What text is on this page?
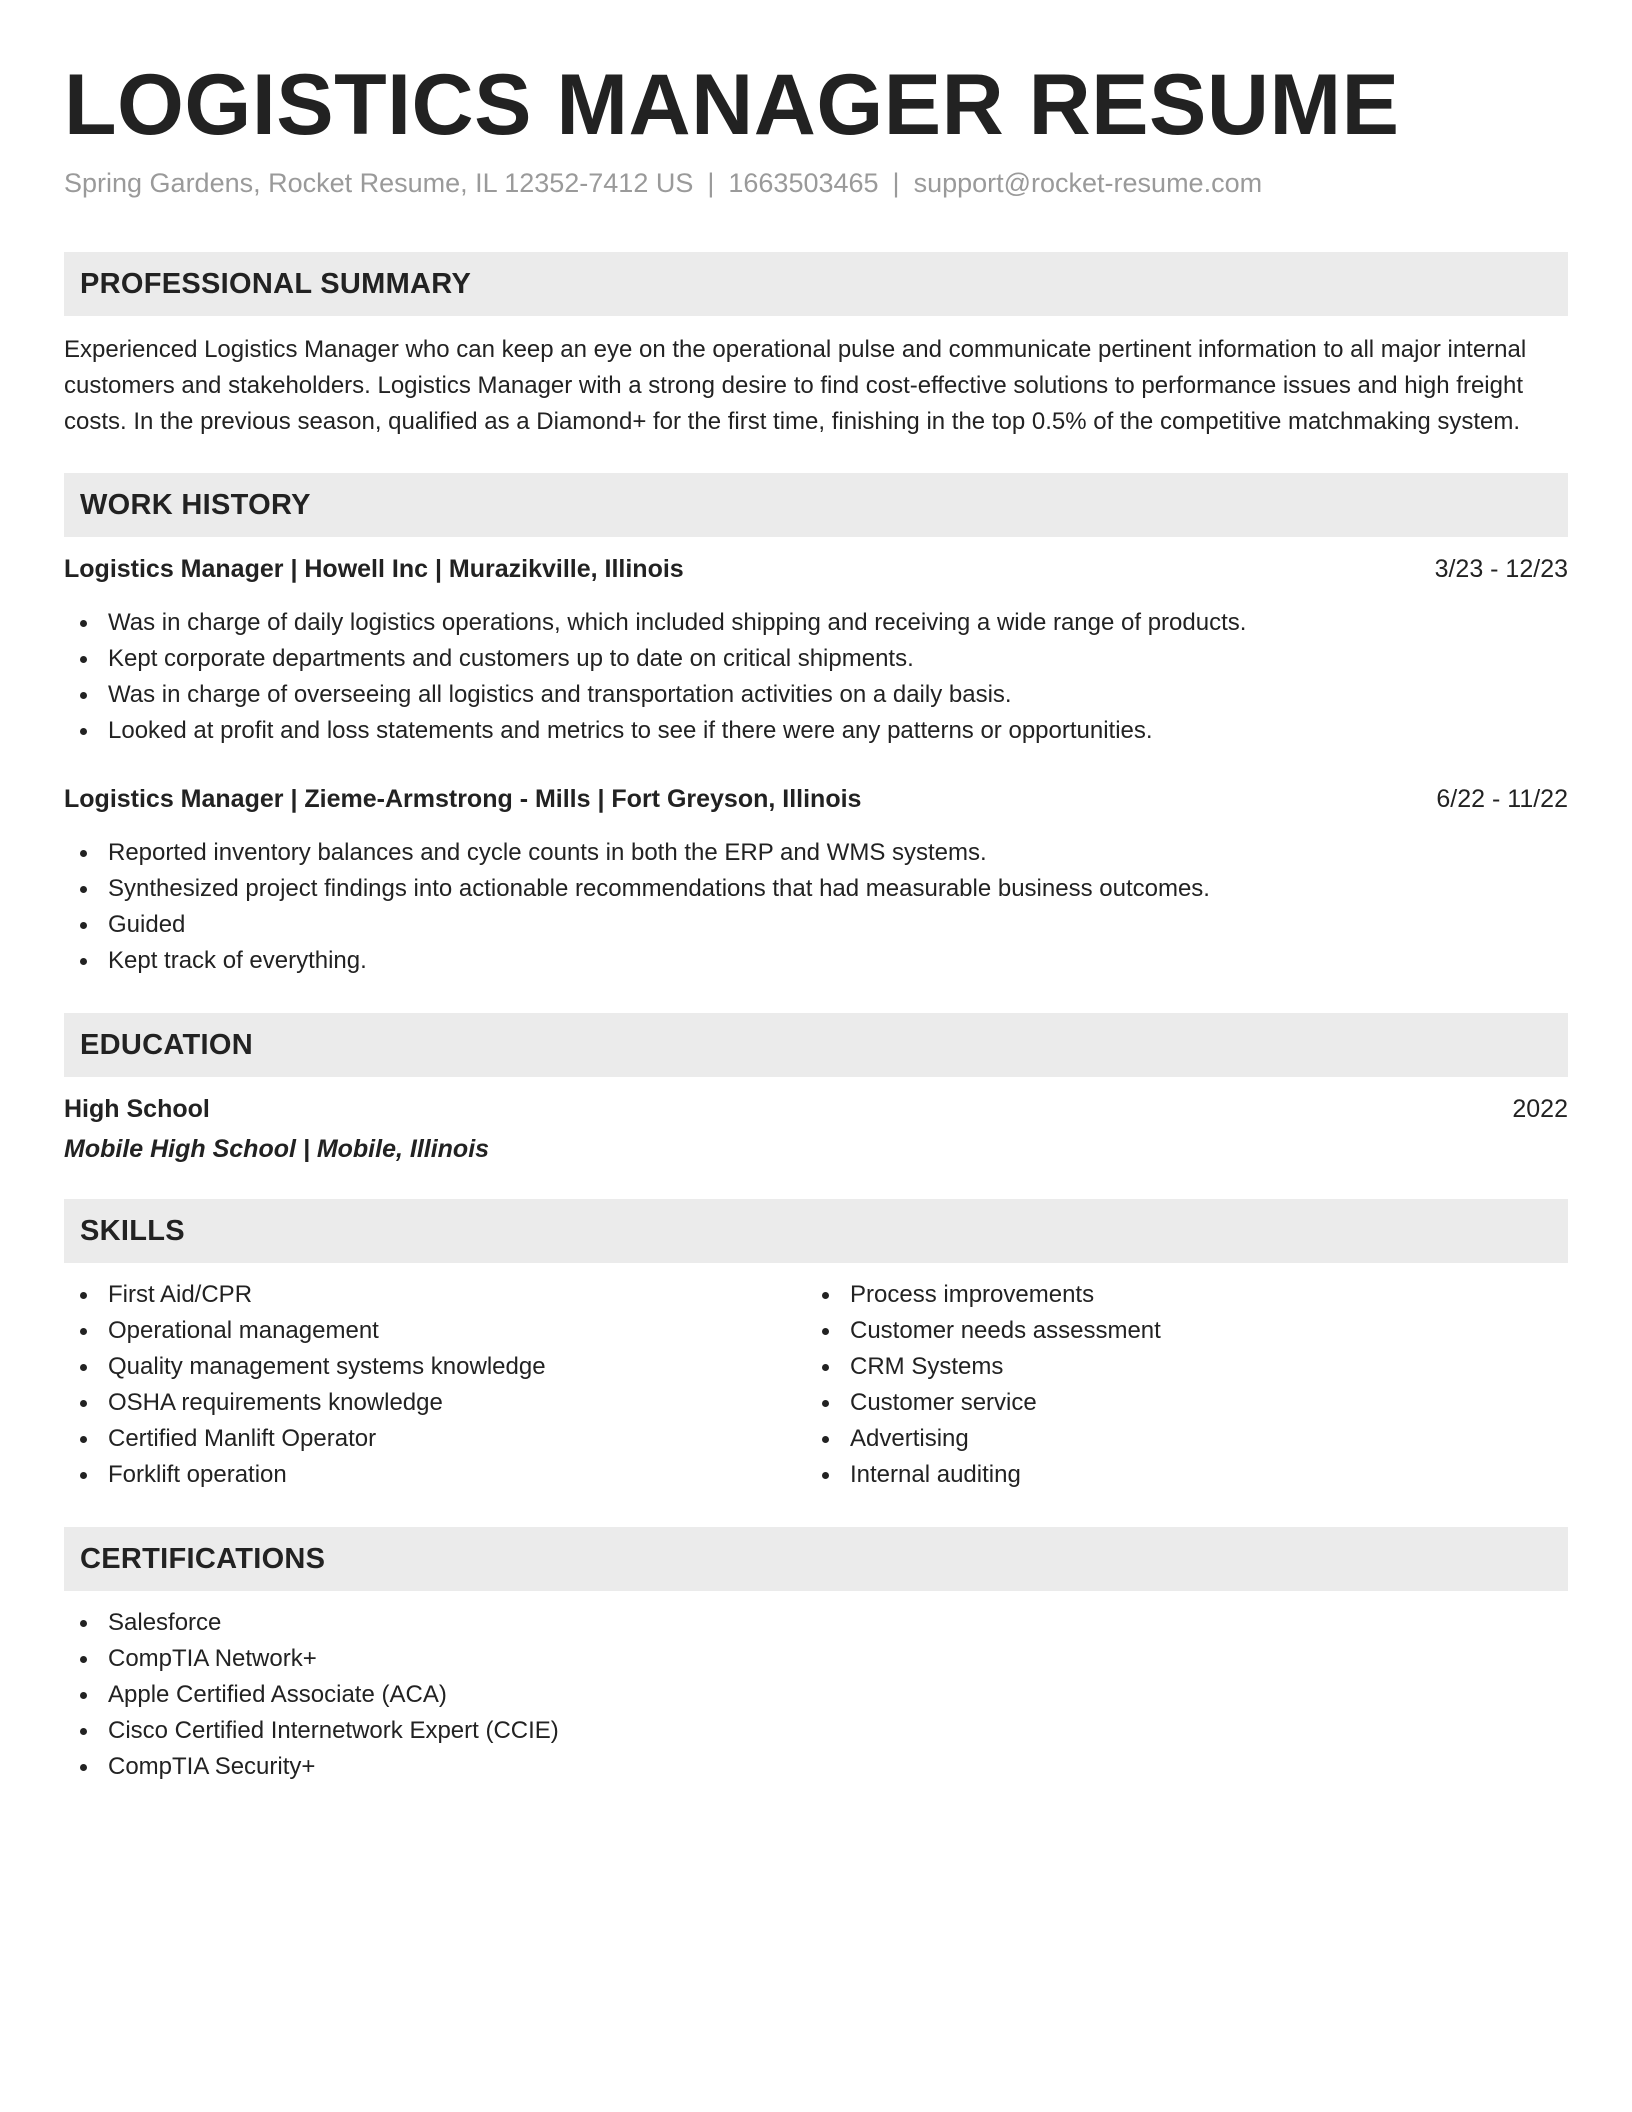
LOGISTICS MANAGER RESUME
Spring Gardens, Rocket Resume, IL 12352-7412 US | 1663503465 | support@rocket-resume.com
PROFESSIONAL SUMMARY
Experienced Logistics Manager who can keep an eye on the operational pulse and communicate pertinent information to all major internal customers and stakeholders. Logistics Manager with a strong desire to find cost-effective solutions to performance issues and high freight costs. In the previous season, qualified as a Diamond+ for the first time, finishing in the top 0.5% of the competitive matchmaking system.
WORK HISTORY
Logistics Manager | Howell Inc | Murazikville, Illinois	3/23 - 12/23
Was in charge of daily logistics operations, which included shipping and receiving a wide range of products.
Kept corporate departments and customers up to date on critical shipments.
Was in charge of overseeing all logistics and transportation activities on a daily basis.
Looked at profit and loss statements and metrics to see if there were any patterns or opportunities.
Logistics Manager | Zieme-Armstrong - Mills | Fort Greyson, Illinois	6/22 - 11/22
Reported inventory balances and cycle counts in both the ERP and WMS systems.
Synthesized project findings into actionable recommendations that had measurable business outcomes.
Guided
Kept track of everything.
EDUCATION
High School	2022
Mobile High School | Mobile, Illinois
SKILLS
First Aid/CPR
Operational management
Quality management systems knowledge
OSHA requirements knowledge
Certified Manlift Operator
Forklift operation
Process improvements
Customer needs assessment
CRM Systems
Customer service
Advertising
Internal auditing
CERTIFICATIONS
Salesforce
CompTIA Network+
Apple Certified Associate (ACA)
Cisco Certified Internetwork Expert (CCIE)
CompTIA Security+
